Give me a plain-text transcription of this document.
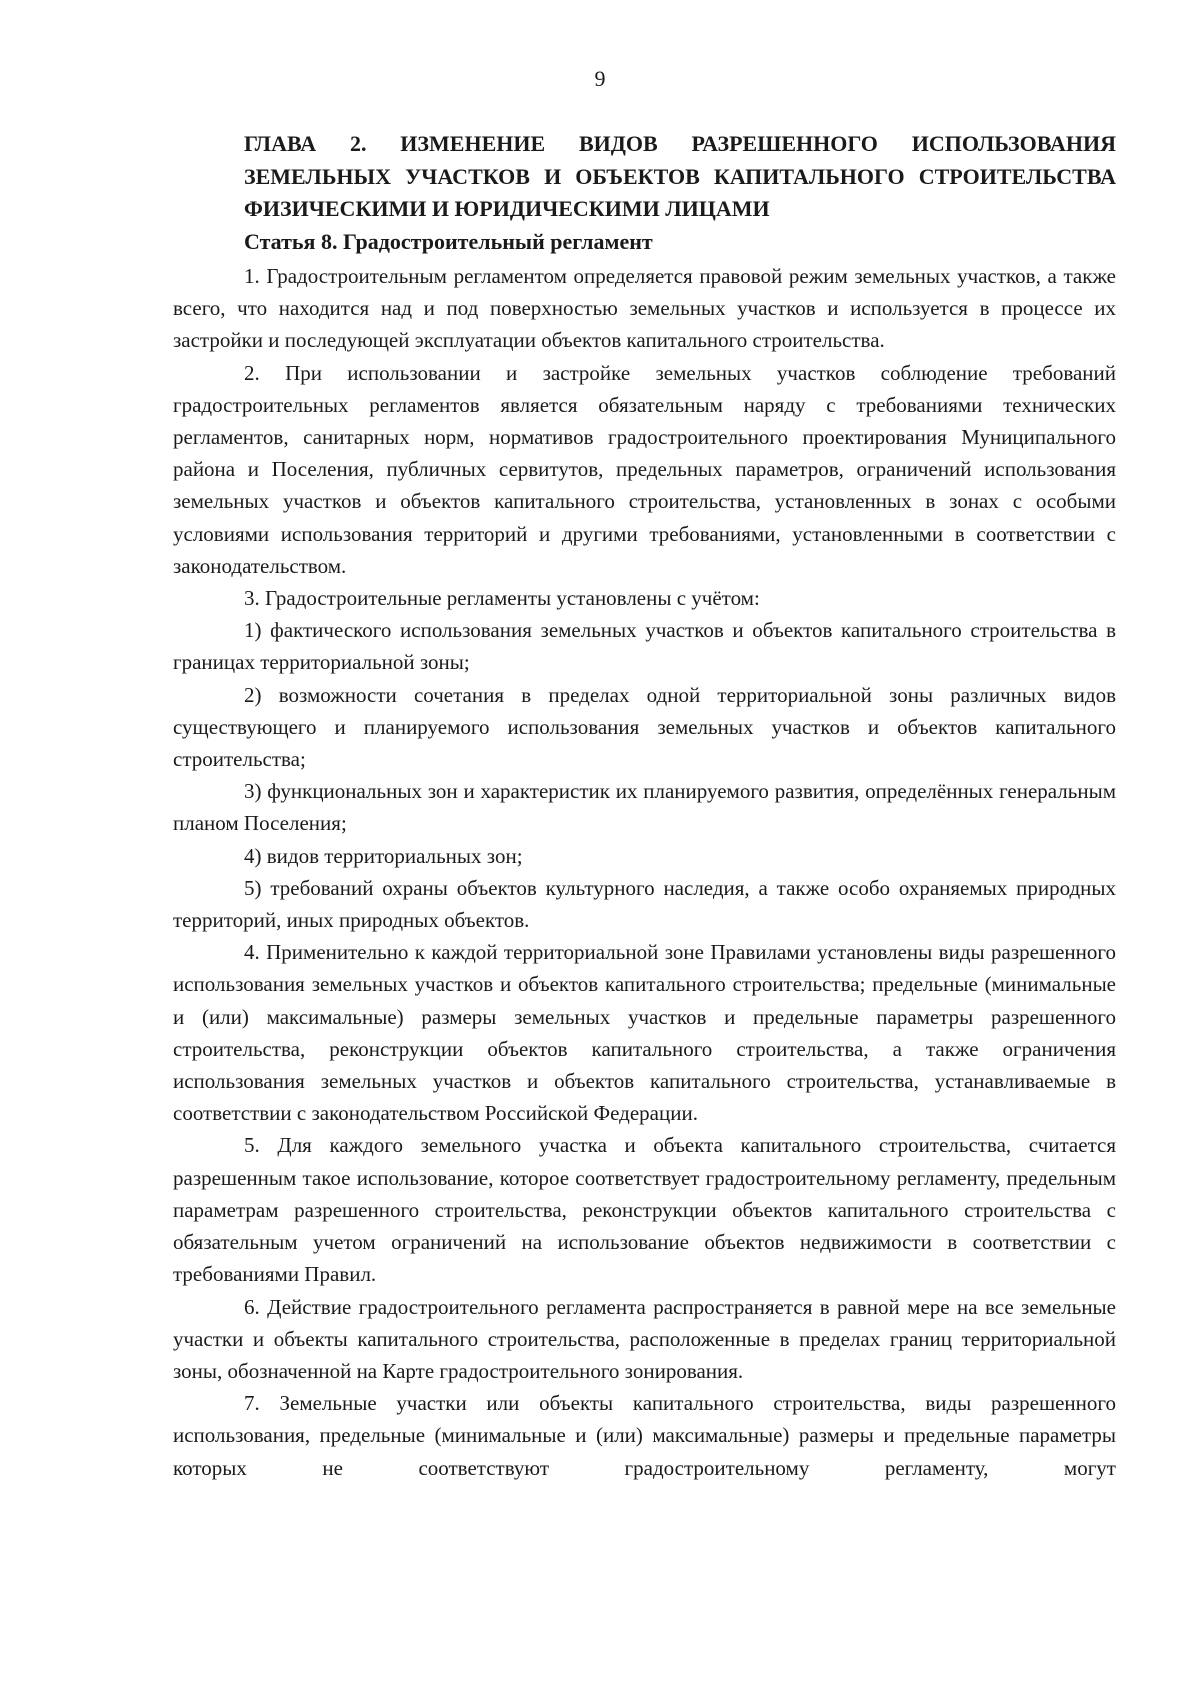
9

ГЛАВА 2. ИЗМЕНЕНИЕ ВИДОВ РАЗРЕШЕННОГО ИСПОЛЬЗОВАНИЯ ЗЕМЕЛЬНЫХ УЧАСТКОВ И ОБЪЕКТОВ КАПИТАЛЬНОГО СТРОИТЕЛЬСТВА ФИЗИЧЕСКИМИ И ЮРИДИЧЕСКИМИ ЛИЦАМИ

Статья 8. Градостроительный регламент

1. Градостроительным регламентом определяется правовой режим земельных участков, а также всего, что находится над и под поверхностью земельных участков и используется в процессе их застройки и последующей эксплуатации объектов капитального строительства.

2. При использовании и застройке земельных участков соблюдение требований градостроительных регламентов является обязательным наряду с требованиями технических регламентов, санитарных норм, нормативов градостроительного проектирования Муниципального района и Поселения, публичных сервитутов, предельных параметров, ограничений использования земельных участков и объектов капитального строительства, установленных в зонах с особыми условиями использования территорий и другими требованиями, установленными в соответствии с законодательством.

3. Градостроительные регламенты установлены с учётом:

1) фактического использования земельных участков и объектов капитального строительства в границах территориальной зоны;

2) возможности сочетания в пределах одной территориальной зоны различных видов существующего и планируемого использования земельных участков и объектов капитального строительства;

3) функциональных зон и характеристик их планируемого развития, определённых генеральным планом Поселения;

4) видов территориальных зон;

5) требований охраны объектов культурного наследия, а также особо охраняемых природных территорий, иных природных объектов.

4. Применительно к каждой территориальной зоне Правилами установлены виды разрешенного использования земельных участков и объектов капитального строительства; предельные (минимальные и (или) максимальные) размеры земельных участков и предельные параметры разрешенного строительства, реконструкции объектов капитального строительства, а также ограничения использования земельных участков и объектов капитального строительства, устанавливаемые в соответствии с законодательством Российской Федерации.

5. Для каждого земельного участка и объекта капитального строительства, считается разрешенным такое использование, которое соответствует градостроительному регламенту, предельным параметрам разрешенного строительства, реконструкции объектов капитального строительства с обязательным учетом ограничений на использование объектов недвижимости в соответствии с требованиями Правил.

6. Действие градостроительного регламента распространяется в равной мере на все земельные участки и объекты капитального строительства, расположенные в пределах границ территориальной зоны, обозначенной на Карте градостроительного зонирования.

7. Земельные участки или объекты капитального строительства, виды разрешенного использования, предельные (минимальные и (или) максимальные) размеры и предельные параметры которых не соответствуют градостроительному регламенту, могут
